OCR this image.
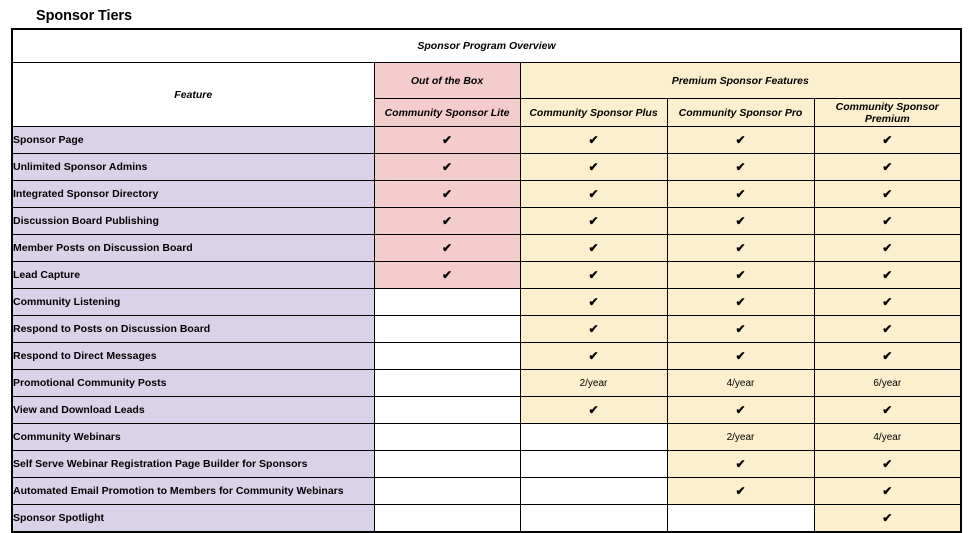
Sponsor Tiers
Sponsor Program Overview				
Feature	Out of the Box	Premium Sponsor Features		
	Community Sponsor Lite	Community Sponsor Plus	Community Sponsor Pro	Community Sponsor Premium
Sponsor Page	✔	✔	✔	✔
Unlimited Sponsor Admins	✔	✔	✔	✔
Integrated Sponsor Directory	✔	✔	✔	✔
Discussion Board Publishing	✔	✔	✔	✔
Member Posts on Discussion Board	✔	✔	✔	✔
Lead Capture	✔	✔	✔	✔
Community Listening		✔	✔	✔
Respond to Posts on Discussion Board		✔	✔	✔
Respond to Direct Messages		✔	✔	✔
Promotional Community Posts		2/year	4/year	6/year
View and Download Leads		✔	✔	✔
Community Webinars			2/year	4/year
Self Serve Webinar Registration Page Builder for Sponsors			✔	✔
Automated Email Promotion to Members for Community Webinars			✔	✔
Sponsor Spotlight				✔
